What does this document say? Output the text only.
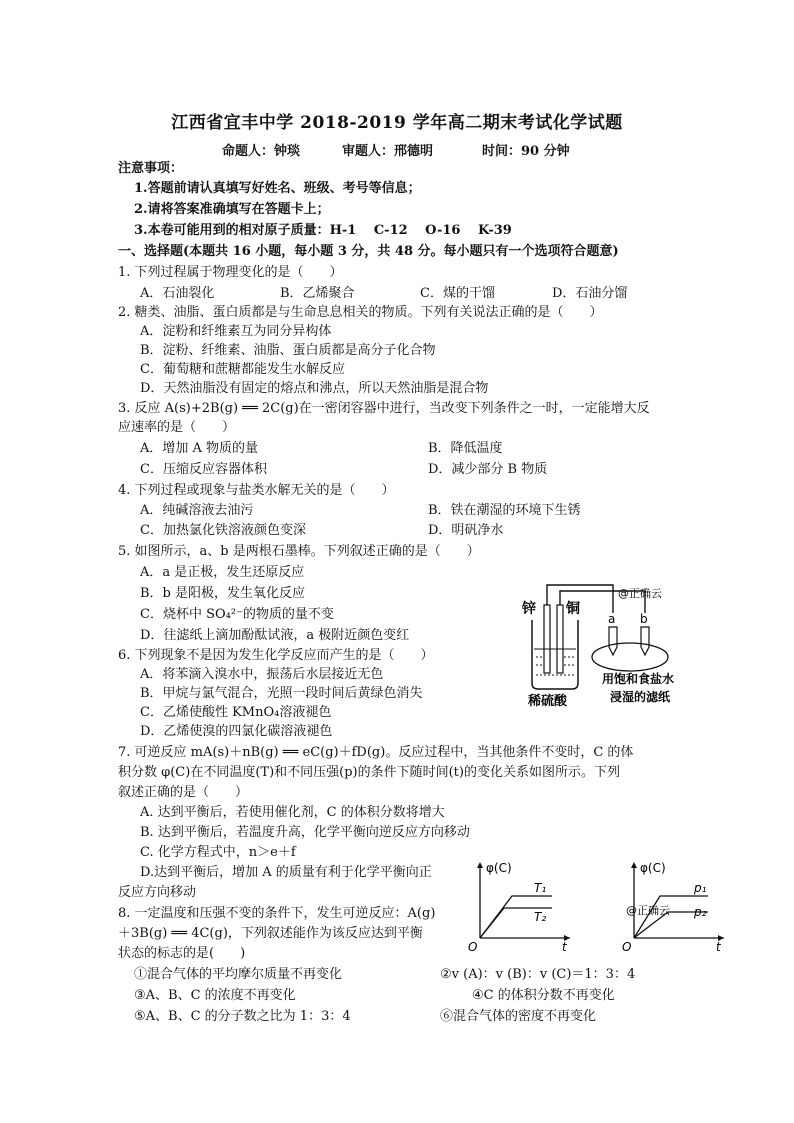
江西省宜丰中学 2018-2019 学年高二期末考试化学试题
命题人：钟琰	审题人：邢德明	时间：90 分钟
注意事项：
1.答题前请认真填写好姓名、班级、考号等信息；
2.请将答案准确填写在答题卡上；
3.本卷可能用到的相对原子质量：H-1　 C-12　 O-16　 K-39
一、选择题(本题共 16 小题，每小题 3 分，共 48 分。每小题只有一个选项符合题意)
1. 下列过程属于物理变化的是（　　）
A．石油裂化	B．乙烯聚合	C．煤的干馏	D．石油分馏
2. 糖类、油脂、蛋白质都是与生命息息相关的物质。下列有关说法正确的是（　　）
A．淀粉和纤维素互为同分异构体
B．淀粉、纤维素、油脂、蛋白质都是高分子化合物
C．葡萄糖和蔗糖都能发生水解反应
D．天然油脂没有固定的熔点和沸点，所以天然油脂是混合物
3. 反应 A(s)+2B(g) ══ 2C(g)在一密闭容器中进行，当改变下列条件之一时，一定能增大反
应速率的是（　　）
A．增加 A 物质的量	B．降低温度
C．压缩反应容器体积	D．减少部分 B 物质
4. 下列过程或现象与盐类水解无关的是（　　）
A．纯碱溶液去油污	B．铁在潮湿的环境下生锈
C．加热氯化铁溶液颜色变深	D．明矾净水
5. 如图所示，a、b 是两根石墨棒。下列叙述正确的是（　　）
A．a 是正极，发生还原反应
B．b 是阳极，发生氧化反应
C．烧杯中 SO₄²⁻的物质的量不变
D．往滤纸上滴加酚酞试液，a 极附近颜色变红
锌 铜
@正确云
稀硫酸
a b
用饱和食盐水
浸湿的滤纸
6. 下列现象不是因为发生化学反应而产生的是（　　）
A．将苯滴入溴水中，振荡后水层接近无色
B．甲烷与氯气混合，光照一段时间后黄绿色消失
C．乙烯使酸性 KMnO₄溶液褪色
D．乙烯使溴的四氯化碳溶液褪色
7. 可逆反应 mA(s)＋nB(g) ══ eC(g)＋fD(g)。反应过程中，当其他条件不变时，C 的体
积分数 φ(C)在不同温度(T)和不同压强(p)的条件下随时间(t)的变化关系如图所示。下列
叙述正确的是（　　）
A. 达到平衡后，若使用催化剂，C 的体积分数将增大
B. 达到平衡后，若温度升高，化学平衡向逆反应方向移动
C. 化学方程式中，n＞e＋f
D.达到平衡后，增加 A 的质量有利于化学平衡向正
反应方向移动
φ(C)
O	t
T₁
T₂
φ(C)
O	t
p₁
p₂
@正确云
8. 一定温度和压强不变的条件下，发生可逆反应：A(g)
＋3B(g) ══ 4C(g)，下列叙述能作为该反应达到平衡
状态的标志的是(　　)
①混合气体的平均摩尔质量不再变化	②v (A)：v (B)：v (C)＝1：3：4
③A、B、C 的浓度不再变化	④C 的体积分数不再变化
⑤A、B、C 的分子数之比为 1：3：4	⑥混合气体的密度不再变化
